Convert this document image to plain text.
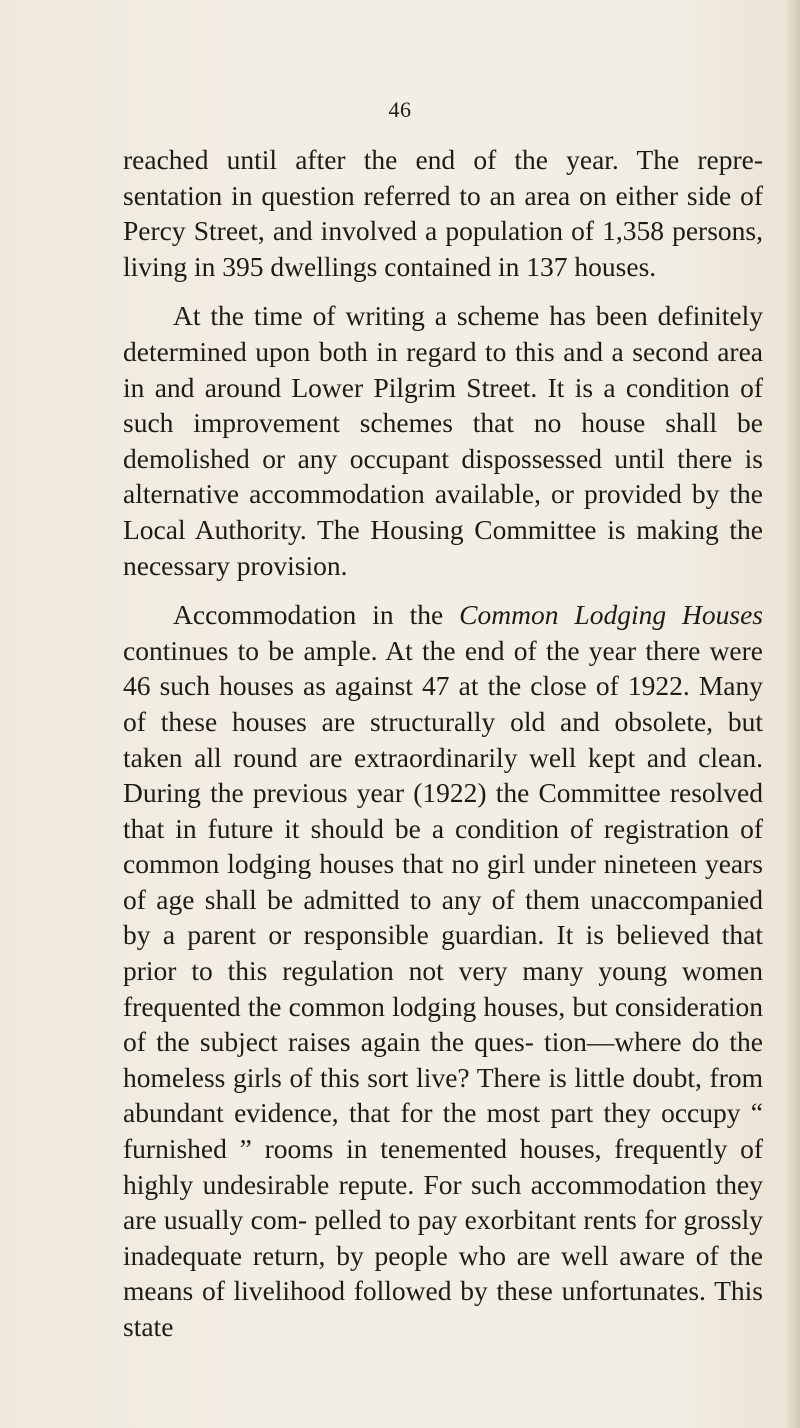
46

reached until after the end of the year. The repre- sentation in question referred to an area on either side of Percy Street, and involved a population of 1,358 persons, living in 395 dwellings contained in 137 houses.

At the time of writing a scheme has been definitely determined upon both in regard to this and a second area in and around Lower Pilgrim Street. It is a condition of such improvement schemes that no house shall be demolished or any occupant dispossessed until there is alternative accommodation available, or provided by the Local Authority. The Housing Committee is making the necessary provision.

Accommodation in the Common Lodging Houses continues to be ample. At the end of the year there were 46 such houses as against 47 at the close of 1922. Many of these houses are structurally old and obsolete, but taken all round are extraordinarily well kept and clean. During the previous year (1922) the Committee resolved that in future it should be a condition of registration of common lodging houses that no girl under nineteen years of age shall be admitted to any of them unaccompanied by a parent or responsible guardian. It is believed that prior to this regulation not very many young women frequented the common lodging houses, but consideration of the subject raises again the ques- tion—where do the homeless girls of this sort live? There is little doubt, from abundant evidence, that for the most part they occupy “ furnished ” rooms in tenemented houses, frequently of highly undesirable repute. For such accommodation they are usually com- pelled to pay exorbitant rents for grossly inadequate return, by people who are well aware of the means of livelihood followed by these unfortunates. This state
